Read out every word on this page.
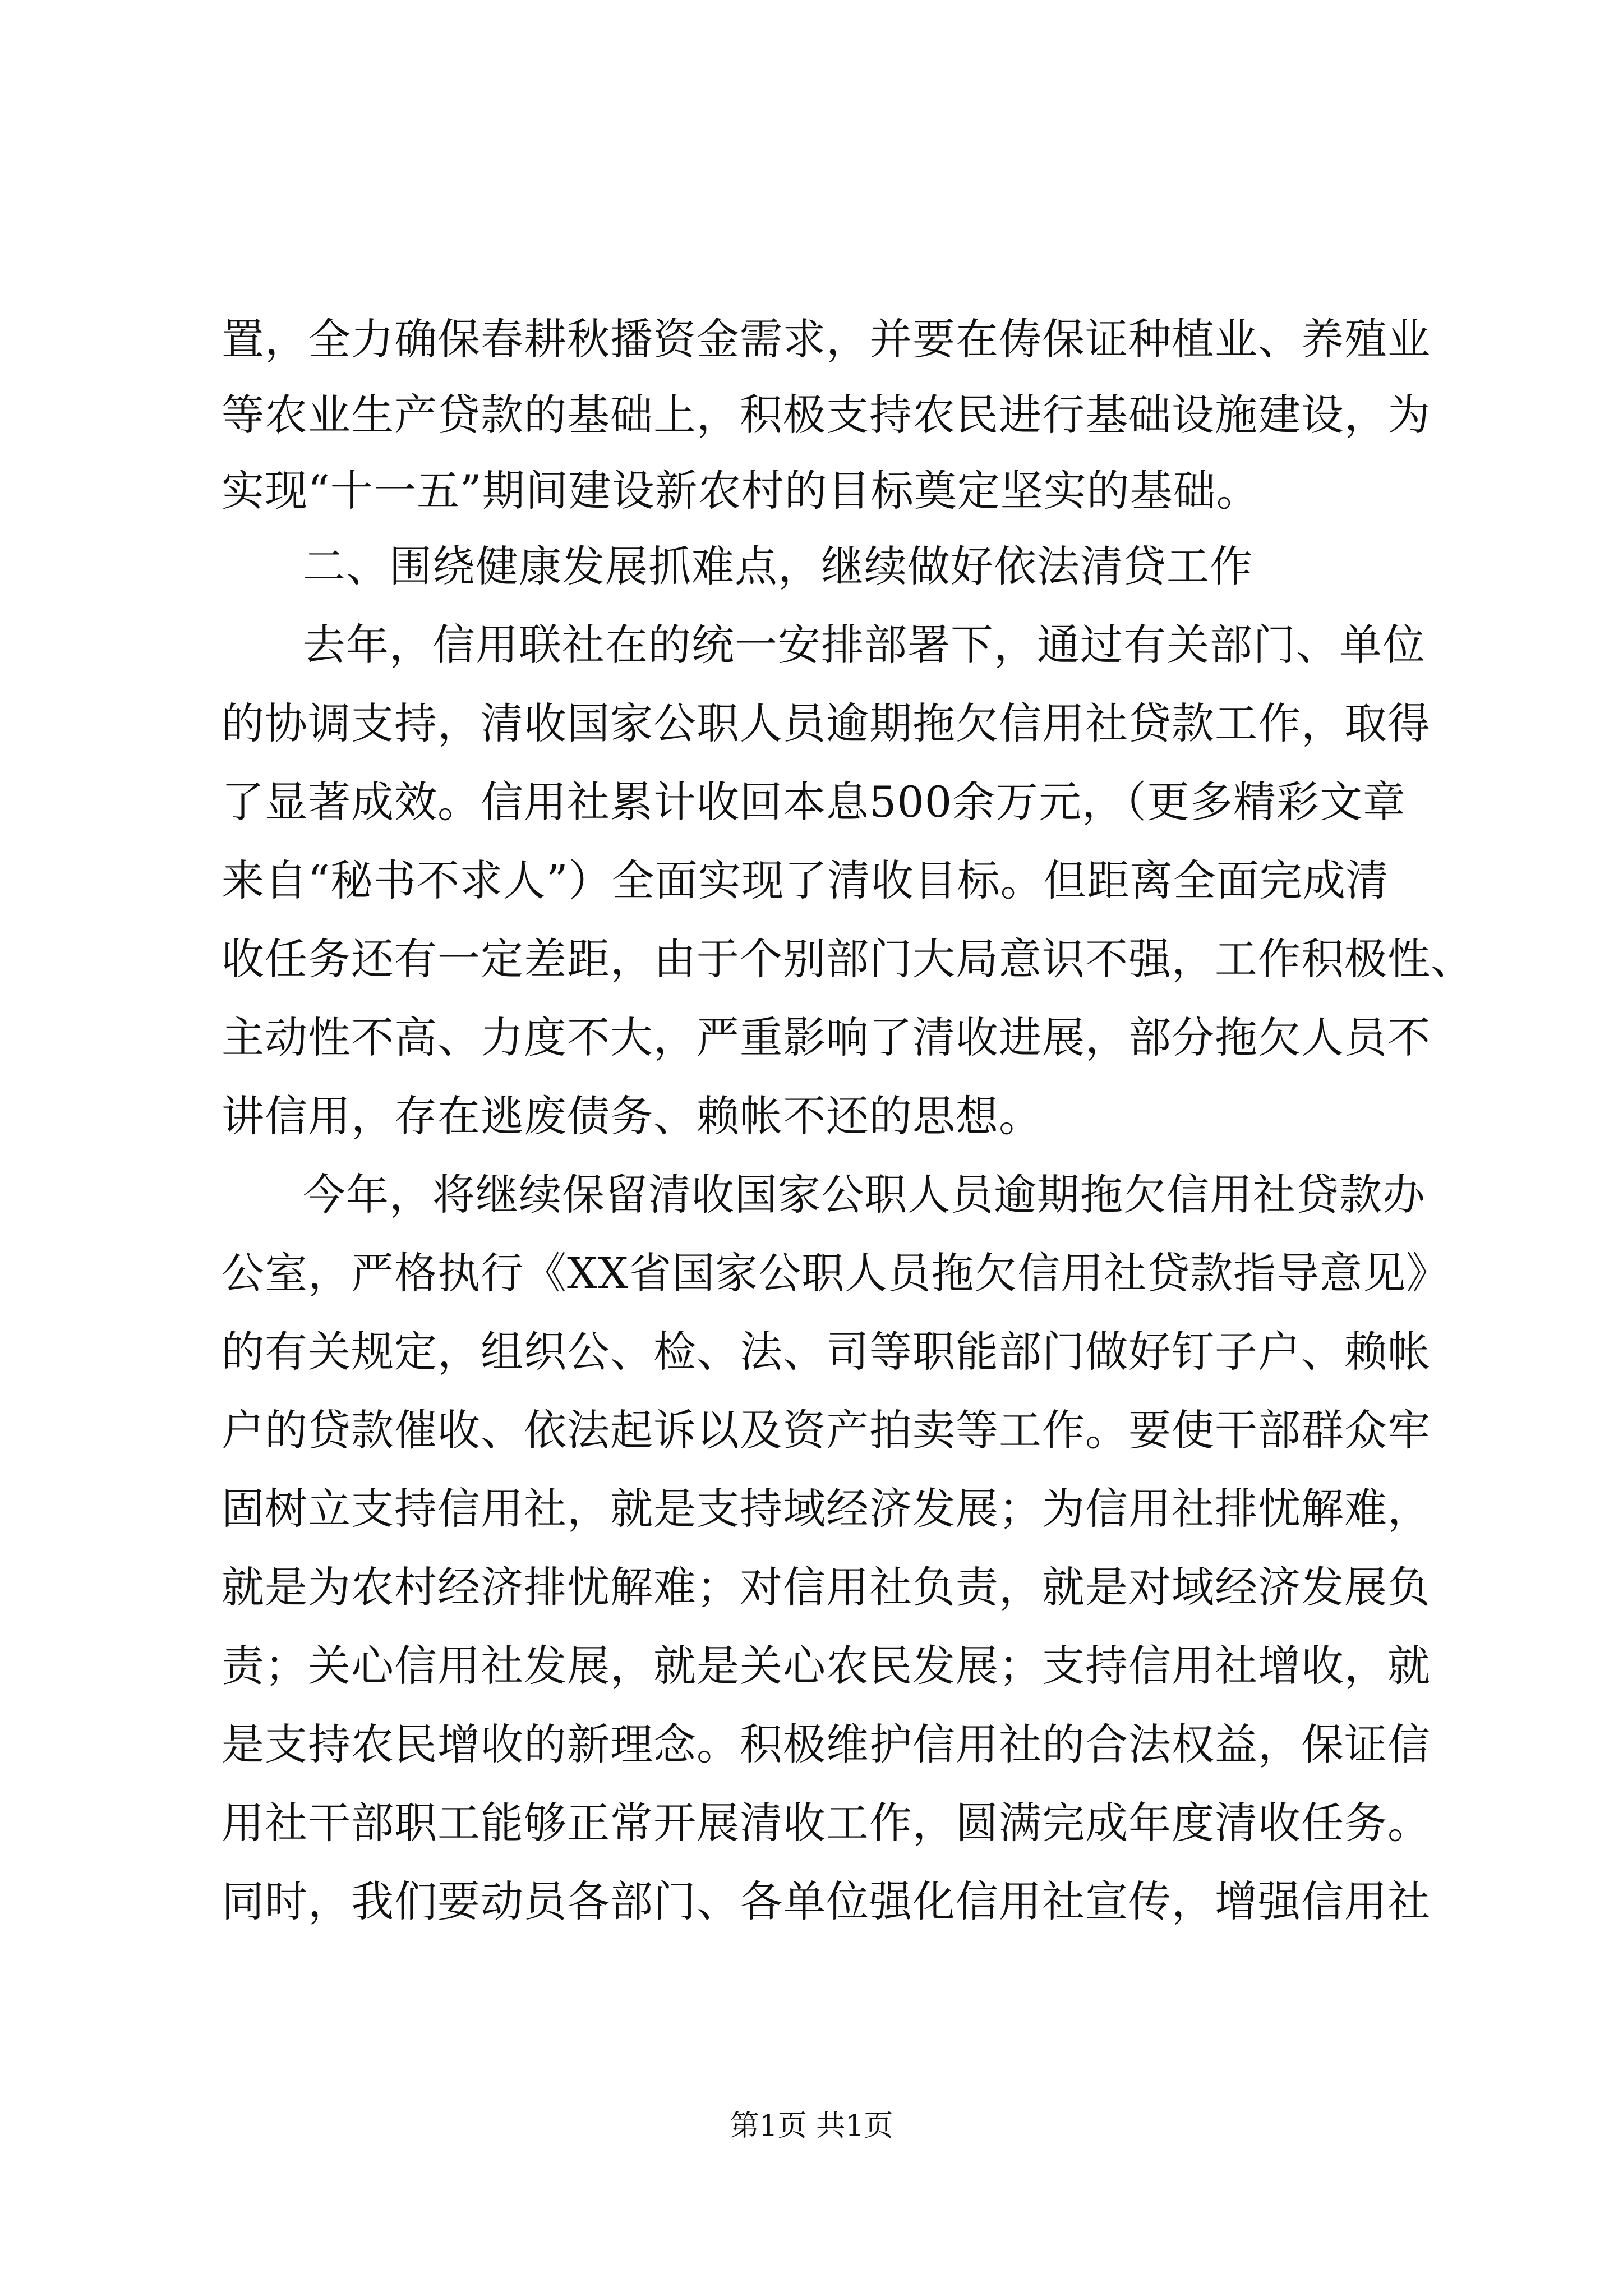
置，全力确保春耕秋播资金需求，并要在俦保证种植业、养殖业
等农业生产贷款的基础上，积极支持农民进行基础设施建设，为
实现“十一五”期间建设新农村的目标奠定坚实的基础。
二、围绕健康发展抓难点，继续做好依法清贷工作
去年，信用联社在的统一安排部署下，通过有关部门、单位
的协调支持，清收国家公职人员逾期拖欠信用社贷款工作，取得
了显著成效。信用社累计收回本息500余万元，（更多精彩文章
来自“秘书不求人”）全面实现了清收目标。但距离全面完成清
收任务还有一定差距，由于个别部门大局意识不强，工作积极性、
主动性不高、力度不大，严重影响了清收进展，部分拖欠人员不
讲信用，存在逃废债务、赖帐不还的思想。
今年，将继续保留清收国家公职人员逾期拖欠信用社贷款办
公室，严格执行《XX省国家公职人员拖欠信用社贷款指导意见》
的有关规定，组织公、检、法、司等职能部门做好钉子户、赖帐
户的贷款催收、依法起诉以及资产拍卖等工作。要使干部群众牢
固树立支持信用社，就是支持域经济发展；为信用社排忧解难，
就是为农村经济排忧解难；对信用社负责，就是对域经济发展负
责；关心信用社发展，就是关心农民发展；支持信用社增收，就
是支持农民增收的新理念。积极维护信用社的合法权益，保证信
用社干部职工能够正常开展清收工作，圆满完成年度清收任务。
同时，我们要动员各部门、各单位强化信用社宣传，增强信用社
第1页 共1页
